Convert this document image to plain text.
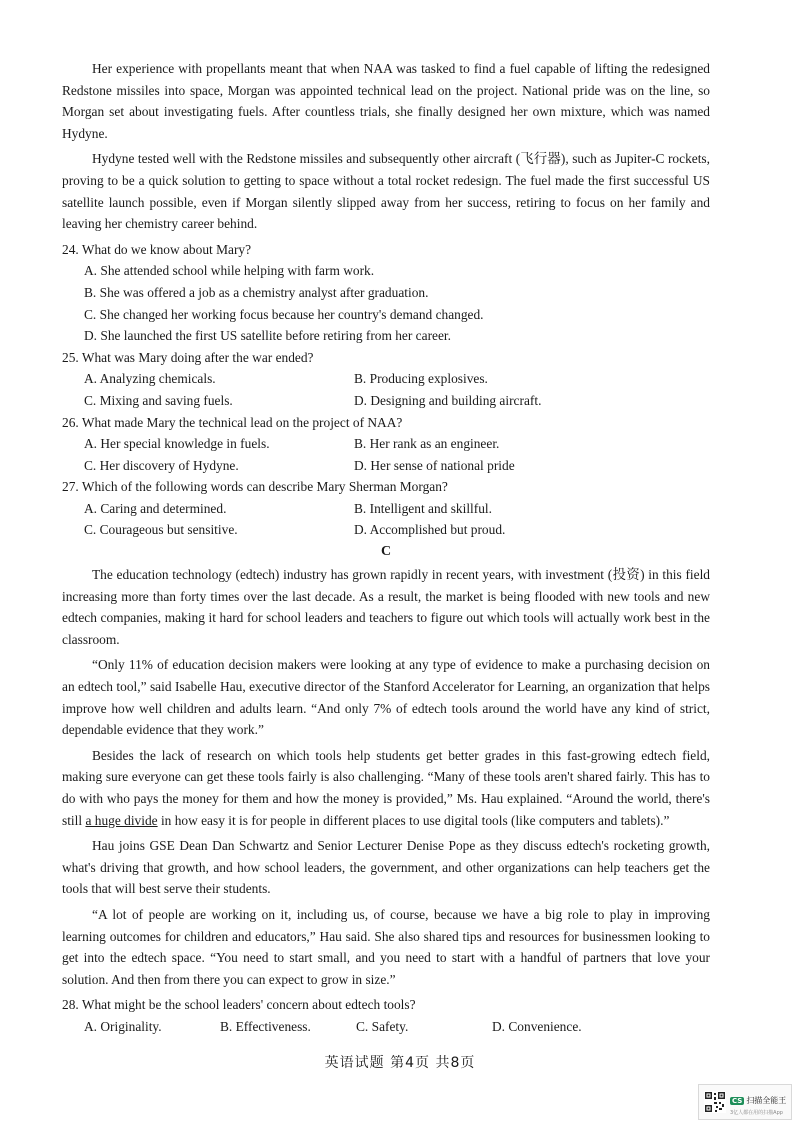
Her experience with propellants meant that when NAA was tasked to find a fuel capable of lifting the redesigned Redstone missiles into space, Morgan was appointed technical lead on the project. National pride was on the line, so Morgan set about investigating fuels. After countless trials, she finally designed her own mixture, which was named Hydyne.

Hydyne tested well with the Redstone missiles and subsequently other aircraft (飞行器), such as Jupiter-C rockets, proving to be a quick solution to getting to space without a total rocket redesign. The fuel made the first successful US satellite launch possible, even if Morgan silently slipped away from her success, retiring to focus on her family and leaving her chemistry career behind.

24. What do we know about Mary?

A. She attended school while helping with farm work.

B. She was offered a job as a chemistry analyst after graduation.

C. She changed her working focus because her country's demand changed.

D. She launched the first US satellite before retiring from her career.

25. What was Mary doing after the war ended?

A. Analyzing chemicals.	B. Producing explosives.
C. Mixing and saving fuels.	D. Designing and building aircraft.

26. What made Mary the technical lead on the project of NAA?

A. Her special knowledge in fuels.	B. Her rank as an engineer.
C. Her discovery of Hydyne.	D. Her sense of national pride

27. Which of the following words can describe Mary Sherman Morgan?

A. Caring and determined.	B. Intelligent and skillful.
C. Courageous but sensitive.	D. Accomplished but proud.

C

The education technology (edtech) industry has grown rapidly in recent years, with investment (投资) in this field increasing more than forty times over the last decade. As a result, the market is being flooded with new tools and new edtech companies, making it hard for school leaders and teachers to figure out which tools will actually work best in the classroom.

“Only 11% of education decision makers were looking at any type of evidence to make a purchasing decision on an edtech tool,” said Isabelle Hau, executive director of the Stanford Accelerator for Learning, an organization that helps improve how well children and adults learn. “And only 7% of edtech tools around the world have any kind of strict, dependable evidence that they work.”

Besides the lack of research on which tools help students get better grades in this fast-growing edtech field, making sure everyone can get these tools fairly is also challenging. “Many of these tools aren't shared fairly. This has to do with who pays the money for them and how the money is provided,” Ms. Hau explained. “Around the world, there's still a huge divide in how easy it is for people in different places to use digital tools (like computers and tablets).”

Hau joins GSE Dean Dan Schwartz and Senior Lecturer Denise Pope as they discuss edtech's rocketing growth, what's driving that growth, and how school leaders, the government, and other organizations can help teachers get the tools that will best serve their students.

“A lot of people are working on it, including us, of course, because we have a big role to play in improving learning outcomes for children and educators,” Hau said. She also shared tips and resources for businessmen looking to get into the edtech space. “You need to start small, and you need to start with a handful of partners that love your solution. And then from there you can expect to grow in size.”

28. What might be the school leaders' concern about edtech tools?

A. Originality.	B. Effectiveness.	C. Safety.	D. Convenience.
英语试题 第4页 共8页
CS 扫描全能王
3亿人都在用的扫描App
